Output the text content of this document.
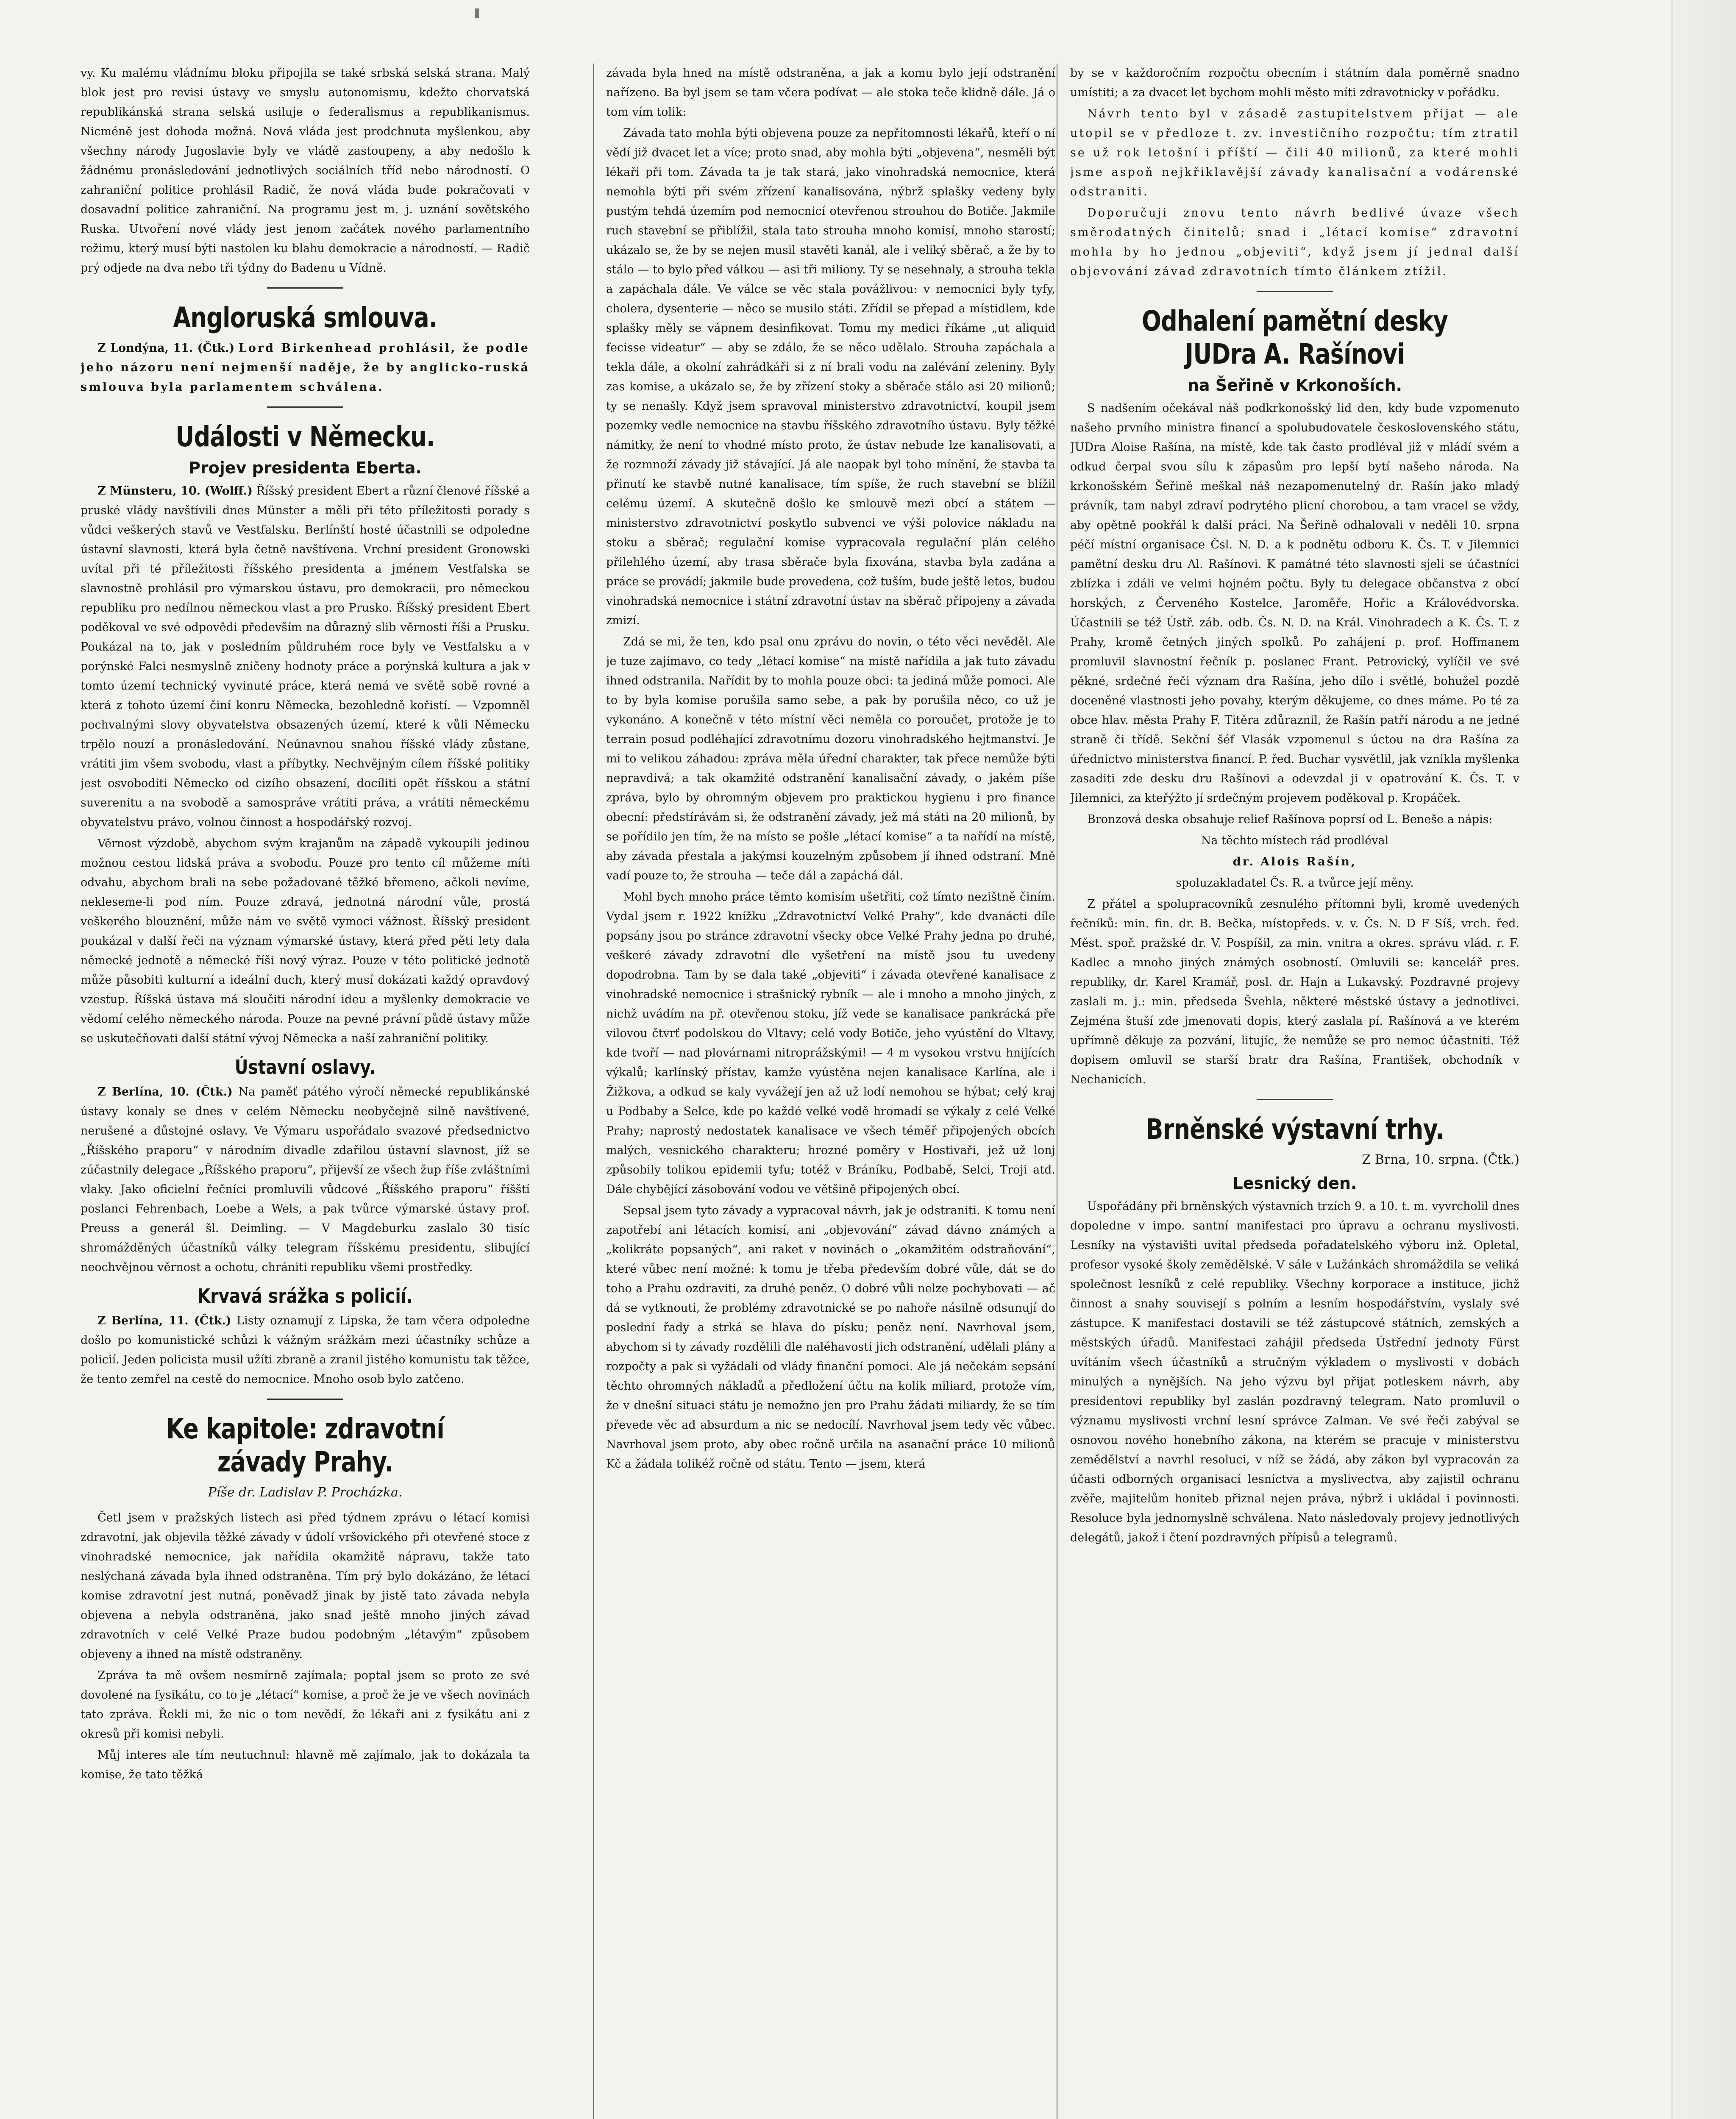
vy. Ku malému vládnímu bloku připojila se také srbská selská strana. Malý blok jest pro revisi ústavy ve smyslu autonomismu, kdežto chorvatská republikánská strana selská usiluje o federalismus a republikanismus. Nicméně jest dohoda možná. Nová vláda jest prodchnuta myšlenkou, aby všechny národy Jugoslavie byly ve vládě zastoupeny, a aby nedošlo k žádnému pronásledování jednotlivých sociálních tříd nebo národností. O zahraniční politice prohlásil Radič, že nová vláda bude pokračovati v dosavadní politice zahraniční. Na programu jest m. j. uznání sovětského Ruska. Utvoření nové vlády jest jenom začátek nového parlamentního režimu, který musí býti nastolen ku blahu demokracie a národností. — Radič prý odjede na dva nebo tři týdny do Badenu u Vídně.

Angloruská smlouva.

Z Londýna, 11. (Čtk.) Lord Birkenhead prohlásil, že podle jeho názoru není nejmenší naděje, že by anglicko-ruská smlouva byla parlamentem schválena.

Události v Německu.
Projev presidenta Eberta.

Z Münsteru, 10. (Wolff.) Říšský president Ebert a různí členové říšské a pruské vlády navštívili dnes Münster a měli při této příležitosti porady s vůdci veškerých stavů ve Vestfalsku. Berlínští hosté účastnili se odpoledne ústavní slavnosti, která byla četně navštívena. Vrchní president Gronowski uvítal při té příležitosti říšského presidenta a jménem Vestfalska se slavnostně prohlásil pro výmarskou ústavu, pro demokracii, pro německou republiku pro nedílnou německou vlast a pro Prusko. Říšský president Ebert poděkoval ve své odpovědi především na důrazný slib věrnosti říši a Prusku. Poukázal na to, jak v posledním půldruhém roce byly ve Vestfalsku a v porýnské Falci nesmyslně zničeny hodnoty práce a porýnská kultura a jak v tomto území technický vyvinuté práce, která nemá ve světě sobě rovné a která z tohoto území činí konru Německa, bezohledně kořistí. — Vzpomněl pochvalnými slovy obyvatelstva obsazených území, které k vůli Německu trpělo nouzí a pronásledování. Neúnavnou snahou říšské vlády zůstane, vrátiti jim všem svobodu, vlast a příbytky. Nechvějným cílem říšské politiky jest osvoboditi Německo od cizího obsazení, docíliti opět říšskou a státní suverenitu a na svobodě a samospráve vrátiti práva, a vrátiti německému obyvatelstvu právo, volnou činnost a hospodářský rozvoj.

Věrnost výzdobě, abychom svým krajanům na západě vykoupili jedinou možnou cestou lidská práva a svobodu. Pouze pro tento cíl můžeme míti odvahu, abychom brali na sebe požadované těžké břemeno, ačkoli nevíme, nekleseme-li pod ním. Pouze zdravá, jednotná národní vůle, prostá veškerého blouznění, může nám ve světě vymoci vážnost. Říšský president poukázal v další řeči na význam výmarské ústavy, která před pěti lety dala německé jednotě a německé říši nový výraz. Pouze v této politické jednotě může působiti kulturní a ideální duch, který musí dokázati každý opravdový vzestup. Říšská ústava má sloučiti národní ideu a myšlenky demokracie ve vědomí celého německého národa. Pouze na pevné právní půdě ústavy může se uskutečňovati další státní vývoj Německa a naší zahraniční politiky.

Ústavní oslavy.

Z Berlína, 10. (Čtk.) Na paměť pátého výročí německé republikánské ústavy konaly se dnes v celém Německu neobyčejně silně navštívené, nerušené a důstojné oslavy. Ve Výmaru uspořádalo svazové předsednictvo „Říšského praporu“ v národním divadle zdařilou ústavní slavnost, jíž se zúčastnily delegace „Říšského praporu“, přijevší ze všech žup říše zvláštními vlaky. Jako oficielní řečníci promluvili vůdcové „Říšského praporu“ říšští poslanci Fehrenbach, Loebe a Wels, a pak tvůrce výmarské ústavy prof. Preuss a generál šl. Deimling. — V Magdeburku zaslalo 30 tisíc shromážděných účastníků války telegram říšskému presidentu, slibující neochvějnou věrnost a ochotu, chrániti republiku všemi prostředky.

Krvavá srážka s policií.

Z Berlína, 11. (Čtk.) Listy oznamují z Lipska, že tam včera odpoledne došlo po komunistické schůzi k vážným srážkám mezi účastníky schůze a policií. Jeden policista musil užíti zbraně a zranil jistého komunistu tak těžce, že tento zemřel na cestě do nemocnice. Mnoho osob bylo zatčeno.

Ke kapitole: zdravotní závady Prahy.
Píše dr. Ladislav P. Procházka.

Četl jsem v pražských listech asi před týdnem zprávu o létací komisi zdravotní, jak objevila těžké závady v údolí vršovického při otevřené stoce z vinohradské nemocnice, jak nařídila okamžitě nápravu, takže tato neslýchaná závada byla ihned odstraněna. Tím prý bylo dokázáno, že létací komise zdravotní jest nutná, poněvadž jinak by jistě tato závada nebyla objevena a nebyla odstraněna, jako snad ještě mnoho jiných závad zdravotních v celé Velké Praze budou podobným „létavým“ způsobem objeveny a ihned na místě odstraněny.

Zpráva ta mě ovšem nesmírně zajímala; poptal jsem se proto ze své dovolené na fysikátu, co to je „létací“ komise, a proč že je ve všech novinách tato zpráva. Řekli mi, že nic o tom nevědí, že lékaři ani z fysikátu ani z okresů při komisi nebyli.

Můj interes ale tím neutuchnul: hlavně mě zajímalo, jak to dokázala ta komise, že tato těžká

závada byla hned na místě odstraněna, a jak a komu bylo její odstranění nařízeno. Ba byl jsem se tam včera podívat — ale stoka teče klidně dále. Já o tom vím tolik:

Závada tato mohla býti objevena pouze za nepřítomnosti lékařů, kteří o ní vědí již dvacet let a více; proto snad, aby mohla býti „objevena“, nesměli být lékaři při tom. Závada ta je tak stará, jako vinohradská nemocnice, která nemohla býti při svém zřízení kanalisována, nýbrž splašky vedeny byly pustým tehdá územím pod nemocnicí otevřenou strouhou do Botiče. Jakmile ruch stavební se přiblížil, stala tato strouha mnoho komisí, mnoho starostí; ukázalo se, že by se nejen musil stavěti kanál, ale i veliký sběrač, a že by to stálo — to bylo před válkou — asi tři miliony. Ty se nesehnaly, a strouha tekla a zapáchala dále. Ve válce se věc stala povážlivou: v nemocnici byly tyfy, cholera, dysenterie — něco se musilo státi. Zřídil se přepad a místidlem, kde splašky měly se vápnem desinfikovat. Tomu my medici říkáme „ut aliquid fecisse videatur“ — aby se zdálo, že se něco udělalo. Strouha zapáchala a tekla dále, a okolní zahrádkáři si z ní brali vodu na zalévání zeleniny. Byly zas komise, a ukázalo se, že by zřízení stoky a sběrače stálo asi 20 milionů; ty se nenašly. Když jsem spravoval ministerstvo zdravotnictví, koupil jsem pozemky vedle nemocnice na stavbu říšského zdravotního ústavu. Byly těžké námitky, že není to vhodné místo proto, že ústav nebude lze kanalisovati, a že rozmnoží závady již stávající. Já ale naopak byl toho mínění, že stavba ta přinutí ke stavbě nutné kanalisace, tím spíše, že ruch stavební se blížil celému území. A skutečně došlo ke smlouvě mezi obcí a státem — ministerstvo zdravotnictví poskytlo subvenci ve výši polovice nákladu na stoku a sběrač; regulační komise vypracovala regulační plán celého přilehlého území, aby trasa sběrače byla fixována, stavba byla zadána a práce se provádí; jakmile bude provedena, což tuším, bude ještě letos, budou vinohradská nemocnice i státní zdravotní ústav na sběrač připojeny a závada zmizí.

Zdá se mi, že ten, kdo psal onu zprávu do novin, o této věci nevěděl. Ale je tuze zajímavo, co tedy „létací komise“ na místě nařídila a jak tuto závadu ihned odstranila. Nařídit by to mohla pouze obci: ta jediná může pomoci. Ale to by byla komise porušila samo sebe, a pak by porušila něco, co už je vykonáno. A konečně v této místní věci neměla co poroučet, protože je to terrain posud podléhající zdravotnímu dozoru vinohradského hejtmanství. Je mi to velikou záhadou: zpráva měla úřední charakter, tak přece nemůže býti nepravdivá; a tak okamžité odstranění kanalisační závady, o jakém píše zpráva, bylo by ohromným objevem pro praktickou hygienu i pro finance obecní: předstírávám si, že odstranění závady, jež má státi na 20 milionů, by se pořídilo jen tím, že na místo se pošle „létací komise“ a ta nařídí na místě, aby závada přestala a jakýmsi kouzelným způsobem jí ihned odstraní. Mně vadí pouze to, že strouha — teče dál a zapáchá dál.

Mohl bych mnoho práce těmto komisím ušetřiti, což tímto nezištně činím. Vydal jsem r. 1922 knížku „Zdravotnictví Velké Prahy“, kde dvanácti díle popsány jsou po stránce zdravotní všecky obce Velké Prahy jedna po druhé, veškeré závady zdravotní dle vyšetření na místě jsou tu uvedeny dopodrobna. Tam by se dala také „objeviti“ i závada otevřené kanalisace z vinohradské nemocnice i strašnický rybník — ale i mnoho a mnoho jiných, z nichž uvádím na př. otevřenou stoku, jíž vede se kanalisace pankrácká pře vilovou čtvrť podolskou do Vltavy; celé vody Botiče, jeho vyústění do Vltavy, kde tvoří — nad plovárnami nitroprážskými! — 4 m vysokou vrstvu hnijících výkalů; karlínský přístav, kamže vyústěna nejen kanalisace Karlína, ale i Žižkova, a odkud se kaly vyvážejí jen až už lodí nemohou se hýbat; celý kraj u Podbaby a Selce, kde po každé velké vodě hromadí se výkaly z celé Velké Prahy; naprostý nedostatek kanalisace ve všech téměř připojených obcích malých, vesnického charakteru; hrozné poměry v Hostivaři, jež už lonj způsobily tolikou epidemii tyfu; totéž v Bráníku, Podbabě, Selci, Troji atd. Dále chybějící zásobování vodou ve většině připojených obcí.

Sepsal jsem tyto závady a vypracoval návrh, jak je odstraniti. K tomu není zapotřebí ani létacích komisí, ani „objevování“ závad dávno známých a „kolikráte popsaných“, ani raket v novinách o „okamžitém odstraňování“, které vůbec není možné: k tomu je třeba především dobré vůle, dát se do toho a Prahu ozdraviti, za druhé peněz. O dobré vůli nelze pochybovati — ač dá se vytknouti, že problémy zdravotnické se po nahoře násilně odsunují do poslední řady a strká se hlava do písku; peněz není. Navrhoval jsem, abychom si ty závady rozdělili dle naléhavosti jich odstranění, udělali plány a rozpočty a pak si vyžádali od vlády finanční pomoci. Ale já nečekám sepsání těchto ohromných nákladů a předložení účtu na kolik miliard, protože vím, že v dnešní situaci státu je nemožno jen pro Prahu žádati miliardy, že se tím převede věc ad absurdum a nic se nedocílí. Navrhoval jsem tedy věc vůbec. Navrhoval jsem proto, aby obec ročně určila na asanační práce 10 milionů Kč a žádala tolikéž ročně od státu. Tento — jsem, která

by se v každoročním rozpočtu obecním i státním dala poměrně snadno umístiti; a za dvacet let bychom mohli město míti zdravotnicky v pořádku.

Návrh tento byl v zásadě zastupitelstvem přijat — ale utopil se v předloze t. zv. investičního rozpočtu; tím ztratil se už rok letošní i příští — čili 40 milionů, za které mohli jsme aspoň nejkřiklavější závady kanalisační a vodárenské odstraniti.

Doporučuji znovu tento návrh bedlivé úvaze všech směrodatných činitelů; snad i „létací komise“ zdravotní mohla by ho jednou „objeviti“, když jsem jí jednal další objevování závad zdravotních tímto článkem ztížil.

Odhalení pamětní desky JUDra A. Rašínovi
na Šeřině v Krkonoších.

S nadšením očekával náš podkrkonošský lid den, kdy bude vzpomenuto našeho prvního ministra financí a spolubudovatele československého státu, JUDra Aloise Rašína, na místě, kde tak často prodléval již v mládí svém a odkud čerpal svou sílu k zápasům pro lepší bytí našeho národa. Na krkonošském Šeřině meškal náš nezapomenutelný dr. Rašín jako mladý právník, tam nabyl zdraví podrytého plicní chorobou, a tam vracel se vždy, aby opětně pookřál k další práci. Na Šeřině odhalovali v neděli 10. srpna péčí místní organisace Čsl. N. D. a k podnětu odboru K. Čs. T. v Jilemnici pamětní desku dru Al. Rašínovi. K památné této slavnosti sjeli se účastníci zblízka i zdáli ve velmi hojném počtu. Byly tu delegace občanstva z obcí horských, z Červeného Kostelce, Jaroměře, Hořic a Královédvorska. Účastnili se též Ústř. záb. odb. Čs. N. D. na Král. Vinohradech a K. Čs. T. z Prahy, kromě četných jiných spolků. Po zahájení p. prof. Hoffmanem promluvil slavnostní řečník p. poslanec Frant. Petrovický, vylíčil ve své pěkné, srdečné řeči význam dra Rašína, jeho dílo i světlé, bohužel pozdě doceněné vlastnosti jeho povahy, kterým děkujeme, co dnes máme. Po té za obce hlav. města Prahy F. Titěra zdůraznil, že Rašín patří národu a ne jedné straně či třídě. Sekční šéf Vlasák vzpomenul s úctou na dra Rašína za úřednictvo ministerstva financí. P. řed. Buchar vysvětlil, jak vznikla myšlenka zasaditi zde desku dru Rašínovi a odevzdal ji v opatrování K. Čs. T. v Jilemnici, za kteřýžto jí srdečným projevem poděkoval p. Kropáček.

Bronzová deska obsahuje relief Rašínova poprsí od L. Beneše a nápis:

Na těchto místech rád prodléval

dr. Alois Rašín,

spoluzakladatel Čs. R. a tvůrce její měny.

Z přátel a spolupracovníků zesnulého přítomni byli, kromě uvedených řečníků: min. fin. dr. B. Bečka, místopředs. v. v. Čs. N. D F Síš, vrch. řed. Měst. spoř. pražské dr. V. Pospíšil, za min. vnitra a okres. správu vlád. r. F. Kadlec a mnoho jiných známých osobností. Omluvili se: kancelář pres. republiky, dr. Karel Kramář, posl. dr. Hajn a Lukavský. Pozdravné projevy zaslali m. j.: min. předseda Švehla, některé městské ústavy a jednotlivci. Zejména štuší zde jmenovati dopis, který zaslala pí. Rašínová a ve kterém upřímně děkuje za pozvání, litujíc, že nemůže se pro nemoc účastniti. Též dopisem omluvil se starší bratr dra Rašína, František, obchodník v Nechanicích.

Brněnské výstavní trhy.
Z Brna, 10. srpna. (Čtk.)
Lesnický den.

Uspořádány při brněnských výstavních trzích 9. a 10. t. m. vyvrcholil dnes dopoledne v impo. santní manifestaci pro úpravu a ochranu myslivosti. Lesníky na výstavišti uvítal předseda pořadatelského výboru inž. Opletal, profesor vysoké školy zemědělské. V sále v Lužánkách shromáždila se veliká společnost lesníků z celé republiky. Všechny korporace a instituce, jichž činnost a snahy souvisejí s polním a lesním hospodářstvím, vyslaly své zástupce. K manifestaci dostavili se též zástupcové státních, zemských a městských úřadů. Manifestaci zahájil předseda Ústřední jednoty Fürst uvítáním všech účastníků a stručným výkladem o myslivosti v dobách minulých a nynějších. Na jeho výzvu byl přijat potleskem návrh, aby presidentovi republiky byl zaslán pozdravný telegram. Nato promluvil o významu myslivosti vrchní lesní správce Zalman. Ve své řeči zabýval se osnovou nového honebního zákona, na kterém se pracuje v ministerstvu zemědělství a navrhl resoluci, v níž se žádá, aby zákon byl vypracován za účasti odborných organisací lesnictva a myslivectva, aby zajistil ochranu zvěře, majitelům honiteb přiznal nejen práva, nýbrž i ukládal i povinnosti. Resoluce byla jednomyslně schválena. Nato následovaly projevy jednotlivých delegátů, jakož i čtení pozdravných přípisů a telegramů.
